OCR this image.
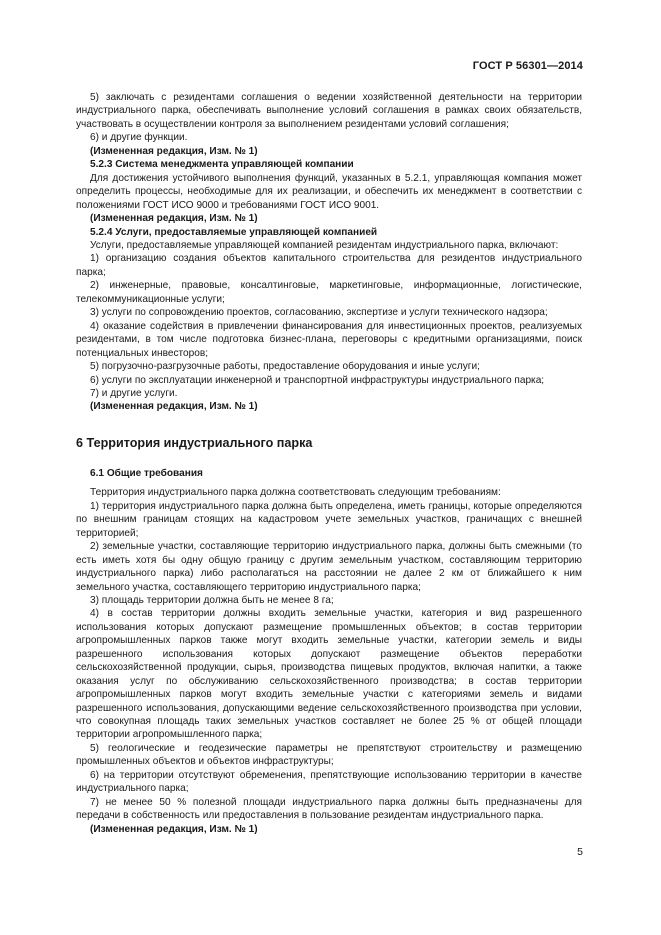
ГОСТ Р 56301—2014

5) заключать с резидентами соглашения о ведении хозяйственной деятельности на территории индустриального парка, обеспечивать выполнение условий соглашения в рамках своих обязательств, участвовать в осуществлении контроля за выполнением резидентами условий соглашения;

6) и другие функции.

(Измененная редакция, Изм. № 1)

5.2.3 Система менеджмента управляющей компании

Для достижения устойчивого выполнения функций, указанных в 5.2.1, управляющая компания может определить процессы, необходимые для их реализации, и обеспечить их менеджмент в соответствии с положениями ГОСТ ИСО 9000 и требованиями ГОСТ ИСО 9001.

(Измененная редакция, Изм. № 1)

5.2.4 Услуги, предоставляемые управляющей компанией

Услуги, предоставляемые управляющей компанией резидентам индустриального парка, включают:

1) организацию создания объектов капитального строительства для резидентов индустриального парка;

2) инженерные, правовые, консалтинговые, маркетинговые, информационные, логистические, телекоммуникационные услуги;

3) услуги по сопровождению проектов, согласованию, экспертизе и услуги технического надзора;

4) оказание содействия в привлечении финансирования для инвестиционных проектов, реализуемых резидентами, в том числе подготовка бизнес-плана, переговоры с кредитными организациями, поиск потенциальных инвесторов;

5) погрузочно-разгрузочные работы, предоставление оборудования и иные услуги;

6) услуги по эксплуатации инженерной и транспортной инфраструктуры индустриального парка;

7) и другие услуги.

(Измененная редакция, Изм. № 1)

6 Территория индустриального парка

6.1 Общие требования

Территория индустриального парка должна соответствовать следующим требованиям:

1) территория индустриального парка должна быть определена, иметь границы, которые определяются по внешним границам стоящих на кадастровом учете земельных участков, граничащих с внешней территорией;

2) земельные участки, составляющие территорию индустриального парка, должны быть смежными (то есть иметь хотя бы одну общую границу с другим земельным участком, составляющим территорию индустриального парка) либо располагаться на расстоянии не далее 2 км от ближайшего к ним земельного участка, составляющего территорию индустриального парка;

3) площадь территории должна быть не менее 8 га;

4) в состав территории должны входить земельные участки, категория и вид разрешенного использования которых допускают размещение промышленных объектов; в состав территории агропромышленных парков также могут входить земельные участки, категории земель и виды разрешенного использования которых допускают размещение объектов переработки сельскохозяйственной продукции, сырья, производства пищевых продуктов, включая напитки, а также оказания услуг по обслуживанию сельскохозяйственного производства; в состав территории агропромышленных парков могут входить земельные участки с категориями земель и видами разрешенного использования, допускающими ведение сельскохозяйственного производства при условии, что совокупная площадь таких земельных участков составляет не более 25 % от общей площади территории агропромышленного парка;

5) геологические и геодезические параметры не препятствуют строительству и размещению промышленных объектов и объектов инфраструктуры;

6) на территории отсутствуют обременения, препятствующие использованию территории в качестве индустриального парка;

7) не менее 50 % полезной площади индустриального парка должны быть предназначены для передачи в собственность или предоставления в пользование резидентам индустриального парка.

(Измененная редакция, Изм. № 1)

5
